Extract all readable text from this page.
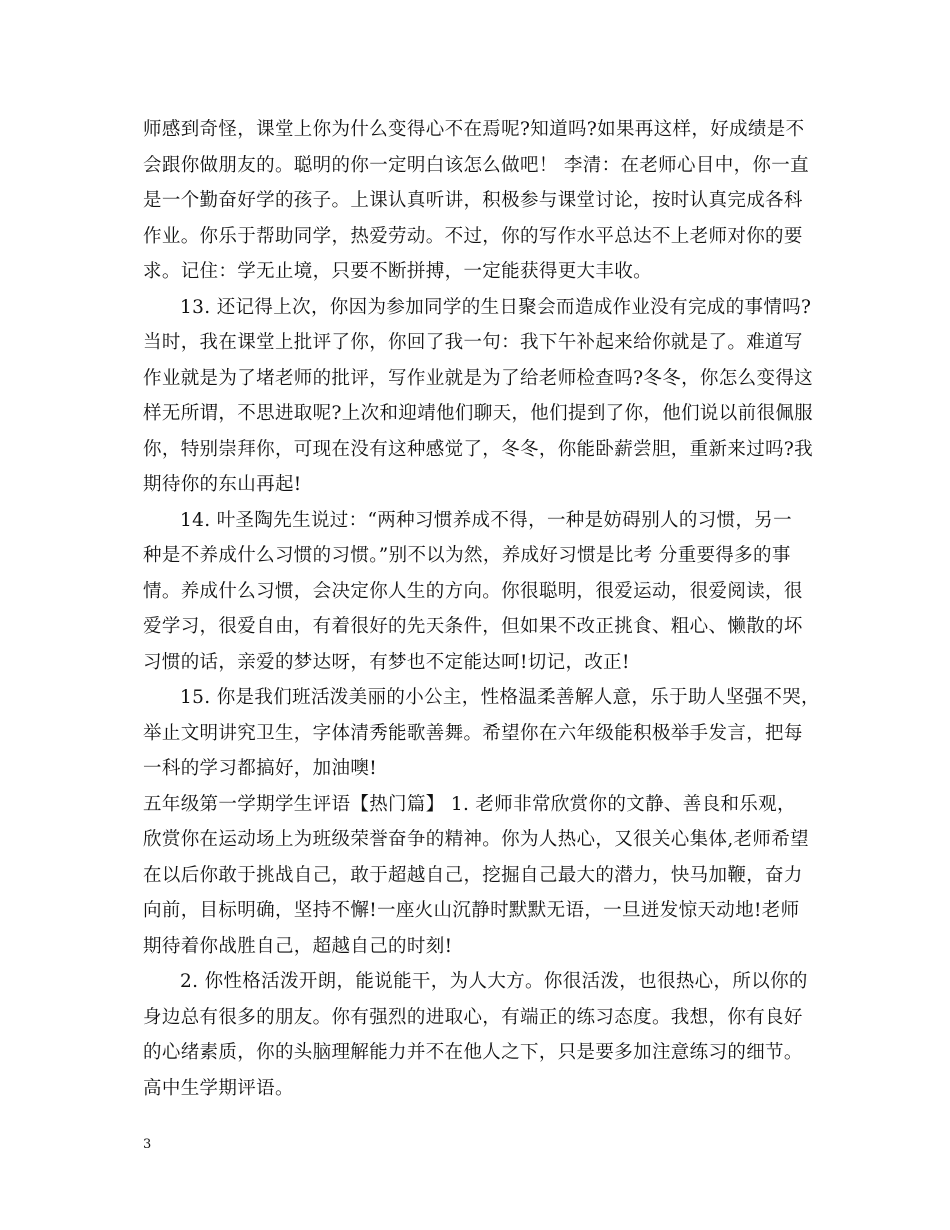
师感到奇怪，课堂上你为什么变得心不在焉呢?知道吗?如果再这样，好成绩是不
会跟你做朋友的。聪明的你一定明白该怎么做吧！ 李清：在老师心目中，你一直
是一个勤奋好学的孩子。上课认真听讲，积极参与课堂讨论，按时认真完成各科
作业。你乐于帮助同学，热爱劳动。不过，你的写作水平总达不上老师对你的要
求。记住：学无止境，只要不断拼搏，一定能获得更大丰收。
13. 还记得上次，你因为参加同学的生日聚会而造成作业没有完成的事情吗?
当时，我在课堂上批评了你，你回了我一句：我下午补起来给你就是了。难道写
作业就是为了堵老师的批评，写作业就是为了给老师检查吗?冬冬，你怎么变得这
样无所谓，不思进取呢?上次和迎靖他们聊天，他们提到了你，他们说以前很佩服
你，特别崇拜你，可现在没有这种感觉了，冬冬，你能卧薪尝胆，重新来过吗?我
期待你的东山再起!
14. 叶圣陶先生说过：“两种习惯养成不得，一种是妨碍别人的习惯，另一
种是不养成什么习惯的习惯。”别不以为然，养成好习惯是比考 分重要得多的事
情。养成什么习惯，会决定你人生的方向。你很聪明，很爱运动，很爱阅读，很
爱学习，很爱自由，有着很好的先天条件，但如果不改正挑食、粗心、懒散的坏
习惯的话，亲爱的梦达呀，有梦也不定能达呵!切记，改正!
15. 你是我们班活泼美丽的小公主，性格温柔善解人意，乐于助人坚强不哭，
举止文明讲究卫生，字体清秀能歌善舞。希望你在六年级能积极举手发言，把每
一科的学习都搞好，加油噢!
五年级第一学期学生评语【热门篇】 1. 老师非常欣赏你的文静、善良和乐观，
欣赏你在运动场上为班级荣誉奋争的精神。你为人热心，又很关心集体,老师希望
在以后你敢于挑战自己，敢于超越自己，挖掘自己最大的潜力，快马加鞭，奋力
向前，目标明确，坚持不懈!一座火山沉静时默默无语，一旦迸发惊天动地!老师
期待着你战胜自己，超越自己的时刻!
2. 你性格活泼开朗，能说能干，为人大方。你很活泼，也很热心，所以你的
身边总有很多的朋友。你有强烈的进取心，有端正的练习态度。我想，你有良好
的心绪素质，你的头脑理解能力并不在他人之下，只是要多加注意练习的细节。
高中生学期评语。
3
